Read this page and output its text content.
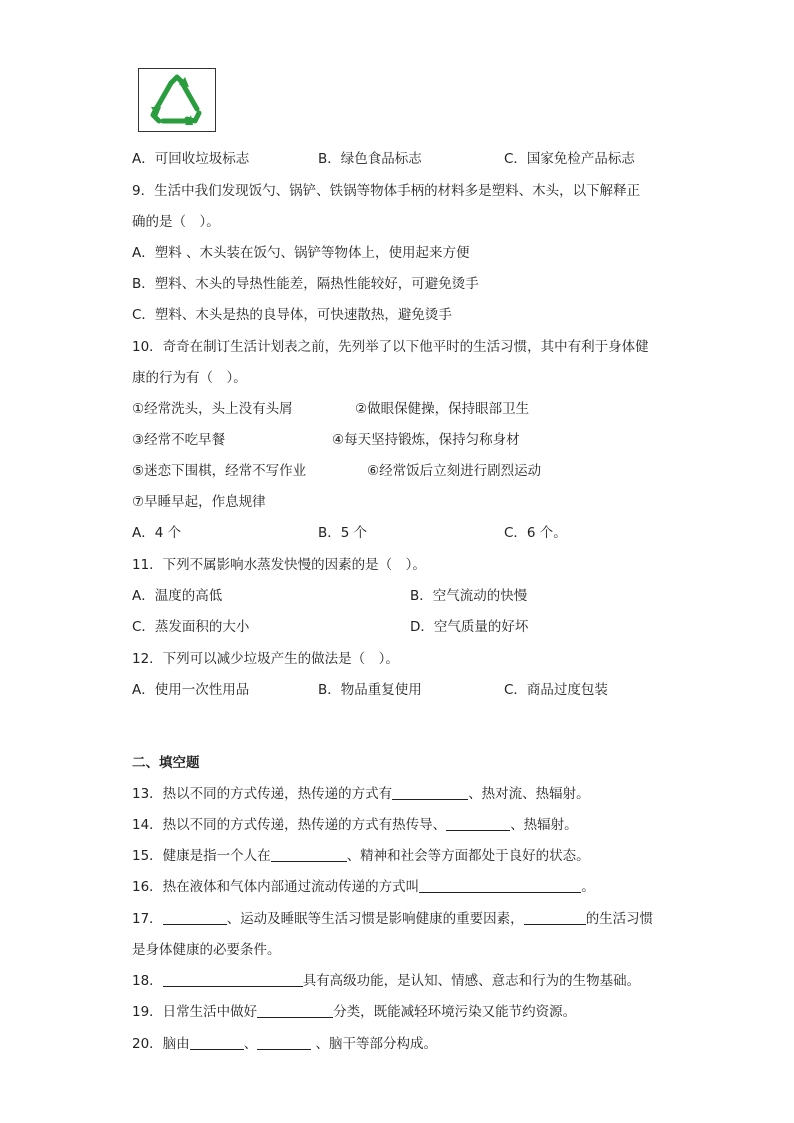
A．可回收垃圾标志	B．绿色食品标志	C．国家免检产品标志
9．生活中我们发现饭勺、锅铲、铁锅等物体手柄的材料多是塑料、木头，以下解释正
确的是（　）。
A．塑料 、木头装在饭勺、锅铲等物体上，使用起来方便
B．塑料、木头的导热性能差，隔热性能较好，可避免烫手
C．塑料、木头是热的良导体，可快速散热，避免烫手
10．奇奇在制订生活计划表之前，先列举了以下他平时的生活习惯，其中有利于身体健
康的行为有（　）。
①经常洗头，头上没有头屑	②做眼保健操，保持眼部卫生
③经常不吃早餐	④每天坚持锻炼，保持匀称身材
⑤迷恋下围棋，经常不写作业	⑥经常饭后立刻进行剧烈运动
⑦早睡早起，作息规律
A．4 个	B．5 个	C．6 个。
11．下列不属影响水蒸发快慢的因素的是（　）。
A．温度的高低	B．空气流动的快慢
C．蒸发面积的大小	D．空气质量的好坏
12．下列可以减少垃圾产生的做法是（　）。
A．使用一次性用品	B．物品重复使用	C．商品过度包装
二、填空题
13．热以不同的方式传递，热传递的方式有	、热对流、热辐射。
14．热以不同的方式传递，热传递的方式有热传导、	、热辐射。
15．健康是指一个人在	、精神和社会等方面都处于良好的状态。
16．热在液体和气体内部通过流动传递的方式叫	。
17．	、运动及睡眠等生活习惯是影响健康的重要因素，	的生活习惯
是身体健康的必要条件。
18．	具有高级功能，是认知、情感、意志和行为的生物基础。
19．日常生活中做好	分类，既能减轻环境污染又能节约资源。
20．脑由	、	、脑干等部分构成。
